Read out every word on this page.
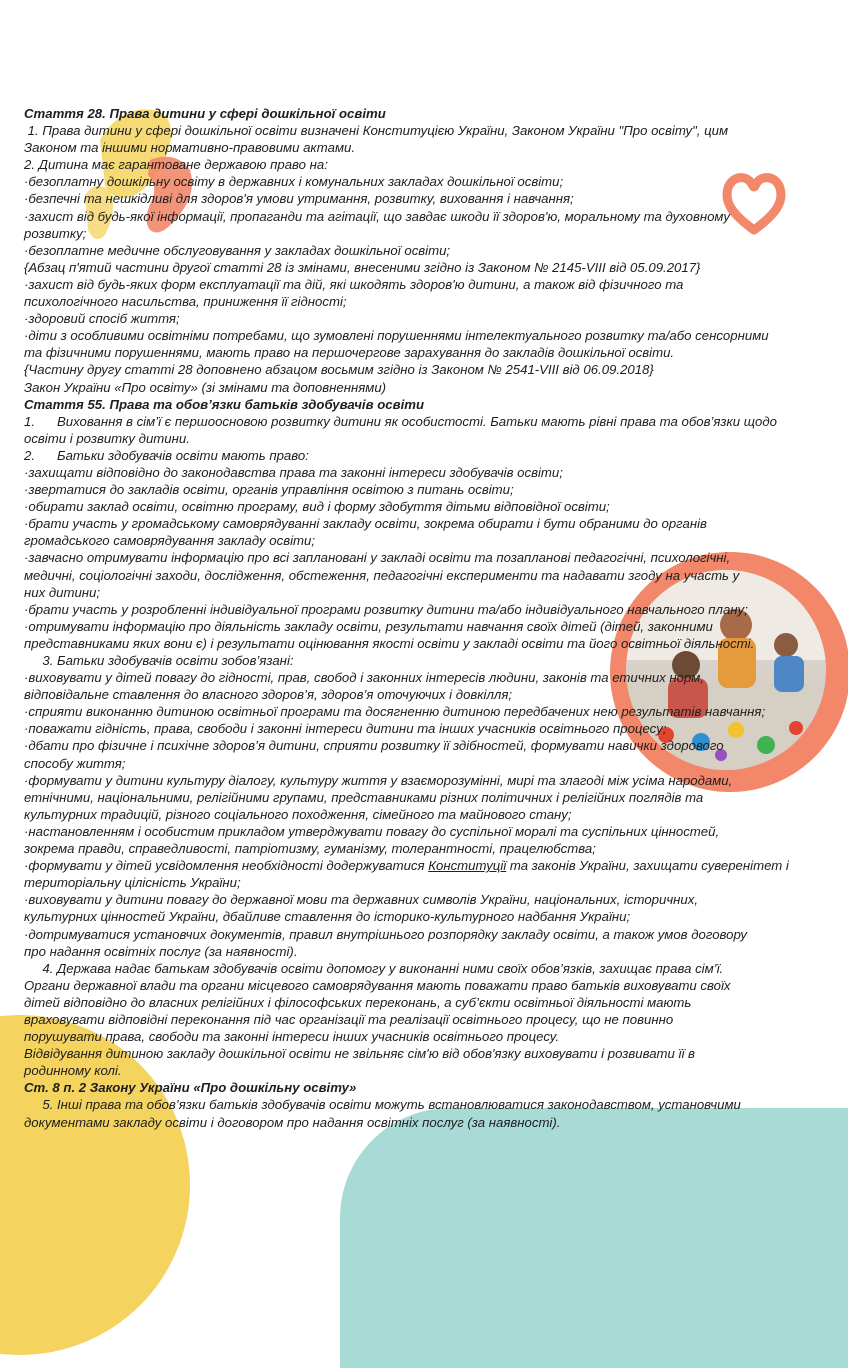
Стаття 28. Права дитини у сфері дошкільної освіти
1. Права дитини у сфері дошкільної освіти визначені Конституцією України, Законом України "Про освіту", цим
Законом та іншими нормативно-правовими актами.
2. Дитина має гарантоване державою право на:
·безоплатну дошкільну освіту в державних і комунальних закладах дошкільної освіти;
·безпечні та нешкідливі для здоров'я умови утримання, розвитку, виховання і навчання;
·захист від будь-якої інформації, пропаганди та агітації, що завдає шкоди її здоров'ю, моральному та духовному
розвитку;
·безоплатне медичне обслуговування у закладах дошкільної освіти;
{Абзац п'ятий частини другої статті 28 із змінами, внесеними згідно із Законом № 2145-VIII від 05.09.2017}
·захист від будь-яких форм експлуатації та дій, які шкодять здоров'ю дитини, а також від фізичного та
психологічного насильства, приниження її гідності;
·здоровий спосіб життя;
·діти з особливими освітніми потребами, що зумовлені порушеннями інтелектуального розвитку та/або сенсорними
та фізичними порушеннями, мають право на першочергове зарахування до закладів дошкільної освіти.
{Частину другу статті 28 доповнено абзацом восьмим згідно із Законом № 2541-VIII від 06.09.2018}
Закон України «Про освіту» (зі змінами та доповненнями)
Стаття 55. Права та обов’язки батьків здобувачів освіти
1.      Виховання в сім’ї є першоосновою розвитку дитини як особистості. Батьки мають рівні права та обов’язки щодо
освіти і розвитку дитини.
2.      Батьки здобувачів освіти мають право:
·захищати відповідно до законодавства права та законні інтереси здобувачів освіти;
·звертатися до закладів освіти, органів управління освітою з питань освіти;
·обирати заклад освіти, освітню програму, вид і форму здобуття дітьми відповідної освіти;
·брати участь у громадському самоврядуванні закладу освіти, зокрема обирати і бути обраними до органів
громадського самоврядування закладу освіти;
·завчасно отримувати інформацію про всі заплановані у закладі освіти та позапланові педагогічні, психологічні,
медичні, соціологічні заходи, дослідження, обстеження, педагогічні експерименти та надавати згоду на участь у
них дитини;
·брати участь у розробленні індивідуальної програми розвитку дитини та/або індивідуального навчального плану;
·отримувати інформацію про діяльність закладу освіти, результати навчання своїх дітей (дітей, законними
представниками яких вони є) і результати оцінювання якості освіти у закладі освіти та його освітньої діяльності.
3. Батьки здобувачів освіти зобов’язані:
·виховувати у дітей повагу до гідності, прав, свобод і законних інтересів людини, законів та етичних норм,
відповідальне ставлення до власного здоров’я, здоров’я оточуючих і довкілля;
·сприяти виконанню дитиною освітньої програми та досягненню дитиною передбачених нею результатів навчання;
·поважати гідність, права, свободи і законні інтереси дитини та інших учасників освітнього процесу;
·дбати про фізичне і психічне здоров’я дитини, сприяти розвитку її здібностей, формувати навички здорового
способу життя;
·формувати у дитини культуру діалогу, культуру життя у взаєморозумінні, мирі та злагоді між усіма народами,
етнічними, національними, релігійними групами, представниками різних політичних і релігійних поглядів та
культурних традицій, різного соціального походження, сімейного та майнового стану;
·настановленням і особистим прикладом утверджувати повагу до суспільної моралі та суспільних цінностей,
зокрема правди, справедливості, патріотизму, гуманізму, толерантності, працелюбства;
·формувати у дітей усвідомлення необхідності додержуватися Конституції та законів України, захищати суверенітет і
територіальну цілісність України;
·виховувати у дитини повагу до державної мови та державних символів України, національних, історичних,
культурних цінностей України, дбайливе ставлення до історико-культурного надбання України;
·дотримуватися установчих документів, правил внутрішнього розпорядку закладу освіти, а також умов договору
про надання освітніх послуг (за наявності).
4. Держава надає батькам здобувачів освіти допомогу у виконанні ними своїх обов’язків, захищає права сім’ї.
Органи державної влади та органи місцевого самоврядування мають поважати право батьків виховувати своїх
дітей відповідно до власних релігійних і філософських переконань, а суб’єкти освітньої діяльності мають
враховувати відповідні переконання під час організації та реалізації освітнього процесу, що не повинно
порушувати права, свободи та законні інтереси інших учасників освітнього процесу.
Відвідування дитиною закладу дошкільної освіти не звільняє сім'ю від обов'язку виховувати і розвивати її в
родинному колі.
Ст. 8 п. 2 Закону України «Про дошкільну освіту»
5. Інші права та обов’язки батьків здобувачів освіти можуть встановлюватися законодавством, установчими
документами закладу освіти і договором про надання освітніх послуг (за наявності).
